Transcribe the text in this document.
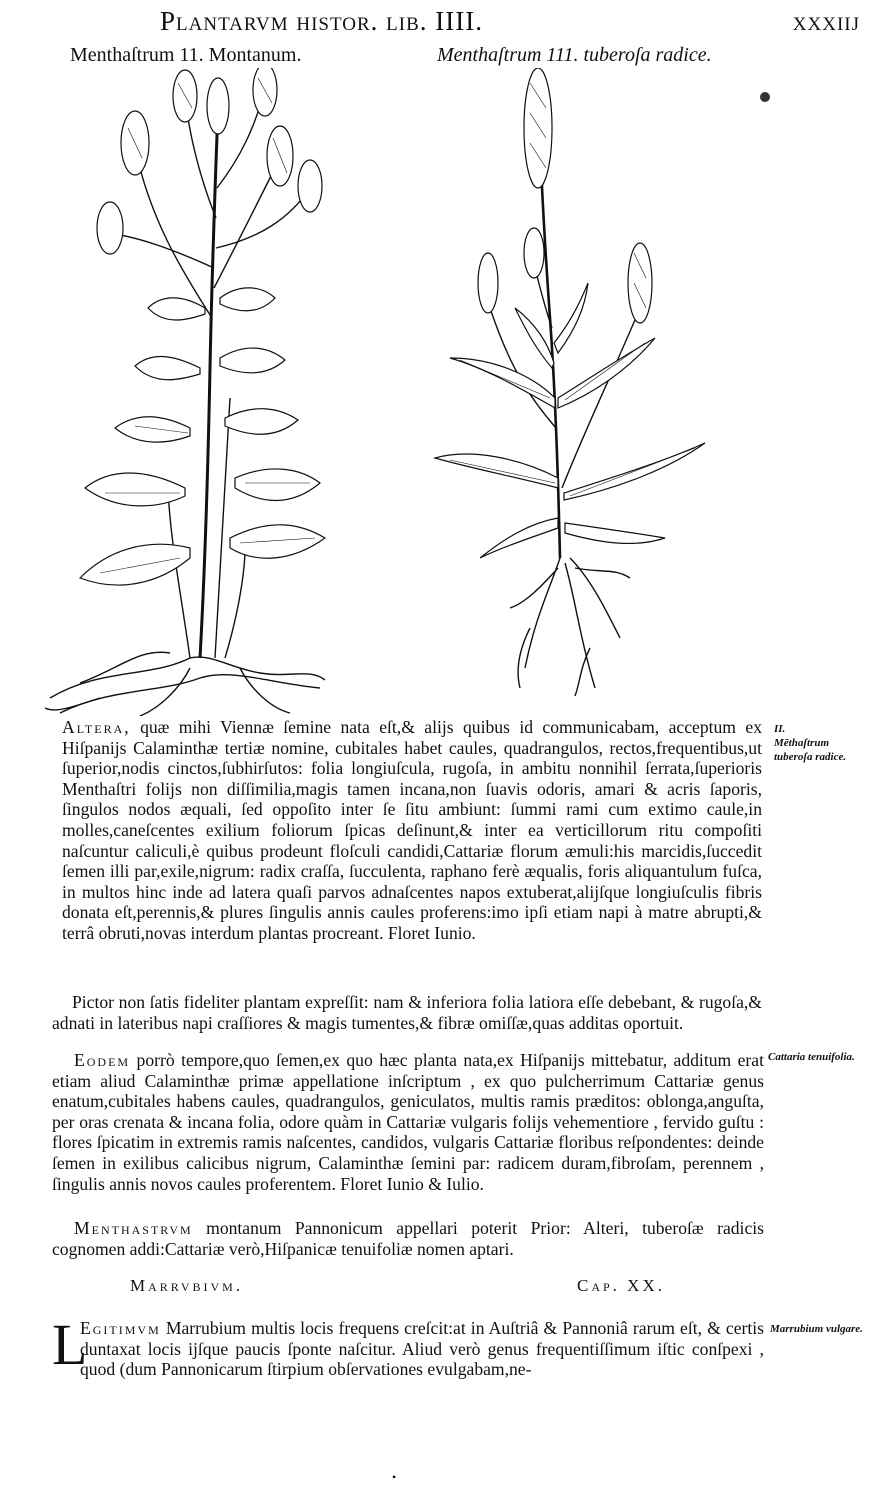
Plantarvm histor. lib. IIII.	xxxiij
Menthaſtrum 11. Montanum.	Menthaſtrum 111. tuberoſa radice.
Altera, quæ mihi Viennæ ſemine nata eſt,& alijs quibus id communicabam, acceptum ex Hiſpanijs Calaminthæ tertiæ nomine, cubitales habet caules, quadrangulos, rectos,frequentibus,ut ſuperior,nodis cinctos,ſubhirſutos: folia longiuſcula, rugoſa, in ambitu nonnihil ſerrata,ſuperioris Menthaſtri folijs non diſſimilia,magis tamen incana,non ſuavis odoris, amari & acris ſaporis, ſingulos nodos æquali, ſed oppoſito inter ſe ſitu ambiunt: ſummi rami cum extimo caule,in molles,caneſcentes exilium foliorum ſpicas deſinunt,& inter ea verticillorum ritu compoſiti naſcuntur caliculi,è quibus prodeunt floſculi candidi,Cattariæ florum æmuli:his marcidis,ſuccedit ſemen illi par,exile,nigrum: radix craſſa, ſucculenta, raphano ferè æqualis, foris aliquantulum fuſca, in multos hinc inde ad latera quaſi parvos adnaſcentes napos extuberat,alijſque longiuſculis fibris donata eſt,perennis,& plures ſingulis annis caules proferens:imo ipſi etiam napi à matre abrupti,& terrâ obruti,novas interdum plantas procreant. Floret Iunio.
Pictor non ſatis fideliter plantam expreſſit: nam & inferiora folia latiora eſſe debebant, & rugoſa,& adnati in lateribus napi craſſiores & magis tumentes,& fibræ omiſſæ,quas additas oportuit.
Eodem porrò tempore,quo ſemen,ex quo hæc planta nata,ex Hiſpanijs mittebatur, additum erat etiam aliud Calaminthæ primæ appellatione inſcriptum , ex quo pulcherrimum Cattariæ genus enatum,cubitales habens caules, quadrangulos, geniculatos, multis ramis præditos: oblonga,anguſta, per oras crenata & incana folia, odore quàm in Cattariæ vulgaris folijs vehementiore , fervido guſtu : flores ſpicatim in extremis ramis naſcentes, candidos, vulgaris Cattariæ floribus reſpondentes: deinde ſemen in exilibus calicibus nigrum, Calaminthæ ſemini par: radicem duram,fibroſam, perennem , ſingulis annis novos caules proferentem. Floret Iunio & Iulio.
Menthastrvm montanum Pannonicum appellari poterit Prior: Alteri, tuberoſæ radicis cognomen addi:Cattariæ verò,Hiſpanicæ tenuifoliæ nomen aptari.
Marrvbivm.	Cap. XX.
L
Egitimvm Marrubium multis locis frequens creſcit:at in Auſtriâ & Pannoniâ rarum eſt, & certis duntaxat locis ijſque paucis ſponte naſcitur. Aliud verò genus frequentiſſimum iſtic conſpexi , quod (dum Pannonicarum ſtirpium obſervationes evulgabam,ne-
II.
Mēthaſtrum tuberoſa radice.
Cattaria tenuifolia.
Marrubium vulgare.
•
